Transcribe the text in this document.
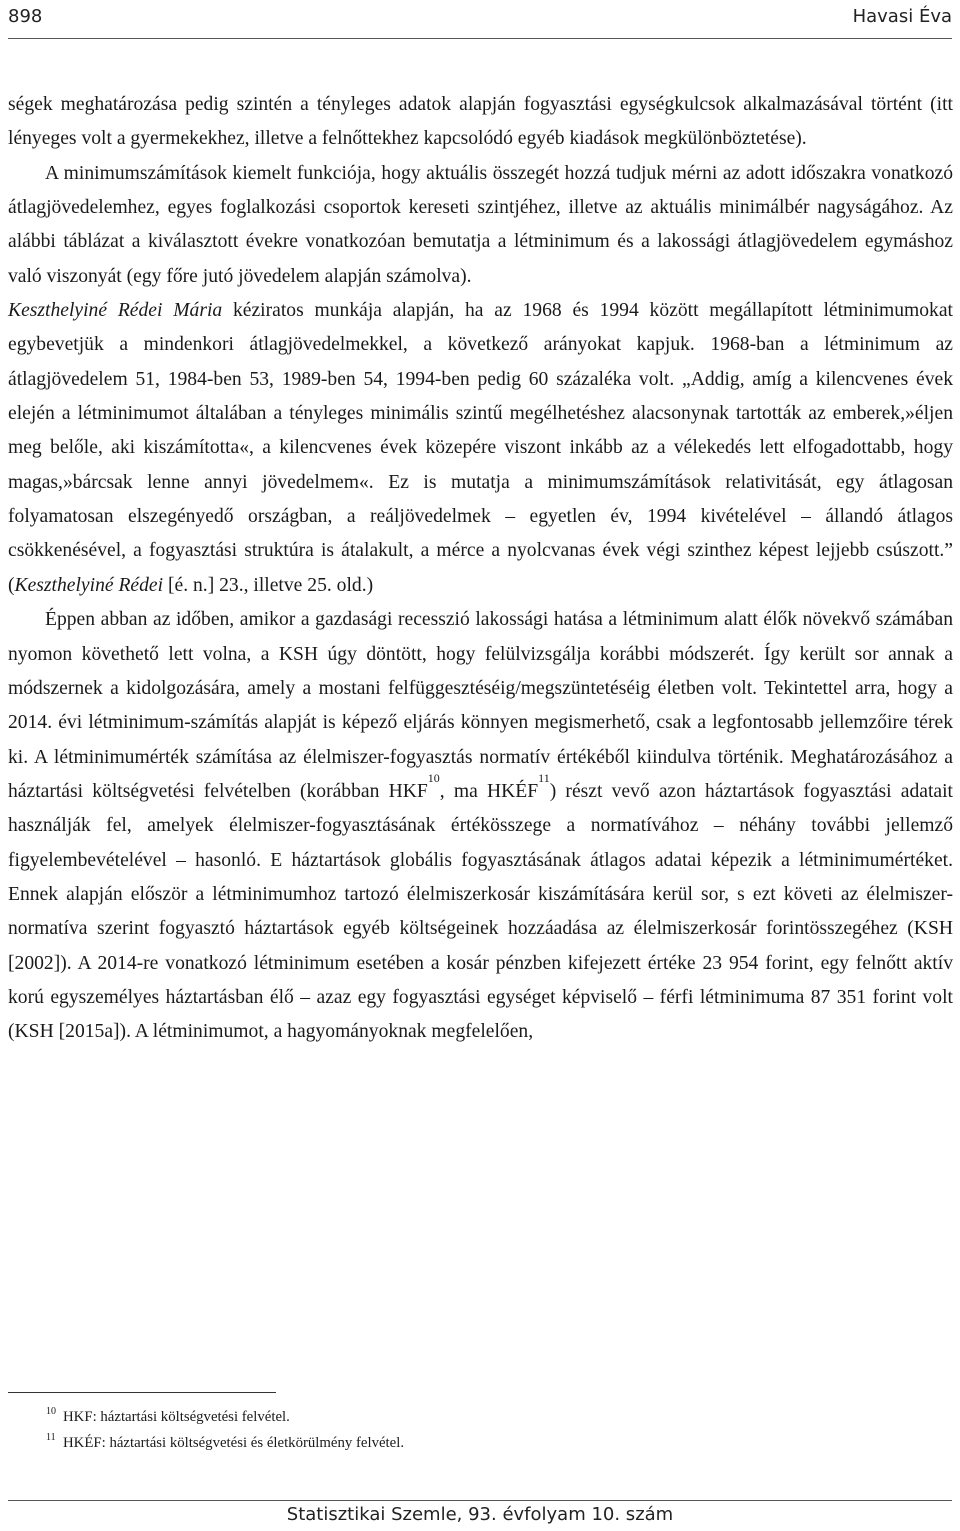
898	Havasi Éva

ségek meghatározása pedig szintén a tényleges adatok alapján fogyasztási egységkulcsok alkalmazásával történt (itt lényeges volt a gyermekekhez, illetve a felnőttekhez kapcsolódó egyéb kiadások megkülönböztetése).

A minimumszámítások kiemelt funkciója, hogy aktuális összegét hozzá tudjuk mérni az adott időszakra vonatkozó átlagjövedelemhez, egyes foglalkozási csoportok kereseti szintjéhez, illetve az aktuális minimálbér nagyságához. Az alábbi táblázat a kiválasztott évekre vonatkozóan bemutatja a létminimum és a lakossági átlagjövedelem egymáshoz való viszonyát (egy főre jutó jövedelem alapján számolva).

Keszthelyiné Rédei Mária kéziratos munkája alapján, ha az 1968 és 1994 között megállapított létminimumokat egybevetjük a mindenkori átlagjövedelmekkel, a következő arányokat kapjuk. 1968-ban a létminimum az átlagjövedelem 51, 1984-ben 53, 1989-ben 54, 1994-ben pedig 60 százaléka volt. „Addig, amíg a kilencvenes évek elején a létminimumot általában a tényleges minimális szintű megélhetéshez alacsonynak tartották az emberek,»éljen meg belőle, aki kiszámította«, a kilencvenes évek közepére viszont inkább az a vélekedés lett elfogadottabb, hogy magas,»bárcsak lenne annyi jövedelmem«. Ez is mutatja a minimumszámítások relativitását, egy átlagosan folyamatosan elszegényedő országban, a reáljövedelmek – egyetlen év, 1994 kivételével – állandó átlagos csökkenésével, a fogyasztási struktúra is átalakult, a mérce a nyolcvanas évek végi szinthez képest lejjebb csúszott.” (Keszthelyiné Rédei [é. n.] 23., illetve 25. old.)

Éppen abban az időben, amikor a gazdasági recesszió lakossági hatása a létminimum alatt élők növekvő számában nyomon követhető lett volna, a KSH úgy döntött, hogy felülvizsgálja korábbi módszerét. Így került sor annak a módszernek a kidolgozására, amely a mostani felfüggesztéséig/megszüntetéséig életben volt. Tekintettel arra, hogy a 2014. évi létminimum-számítás alapját is képező eljárás könnyen megismerhető, csak a legfontosabb jellemzőire térek ki. A létminimumérték számítása az élelmiszer-fogyasztás normatív értékéből kiindulva történik. Meghatározásához a háztartási költségvetési felvételben (korábban HKF$^{10}$, ma HKÉF$^{11}$) részt vevő azon háztartások fogyasztási adatait használják fel, amelyek élelmiszer-fogyasztásának értékösszege a normatívához – néhány további jellemző figyelembevételével – hasonló. E háztartások globális fogyasztásának átlagos adatai képezik a létminimumértéket. Ennek alapján először a létminimumhoz tartozó élelmiszerkosár kiszámítására kerül sor, s ezt követi az élelmiszer-normatíva szerint fogyasztó háztartások egyéb költségeinek hozzáadása az élelmiszerkosár forintösszegéhez (KSH [2002]). A 2014-re vonatkozó létminimum esetében a kosár pénzben kifejezett értéke 23 954 forint, egy felnőtt aktív korú egyszemélyes háztartásban élő – azaz egy fogyasztási egységet képviselő – férfi létminimuma 87 351 forint volt (KSH [2015a]). A létminimumot, a hagyományoknak megfelelően,

10 HKF: háztartási költségvetési felvétel.
11 HKÉF: háztartási költségvetési és életkörülmény felvétel.
Statisztikai Szemle, 93. évfolyam 10. szám
